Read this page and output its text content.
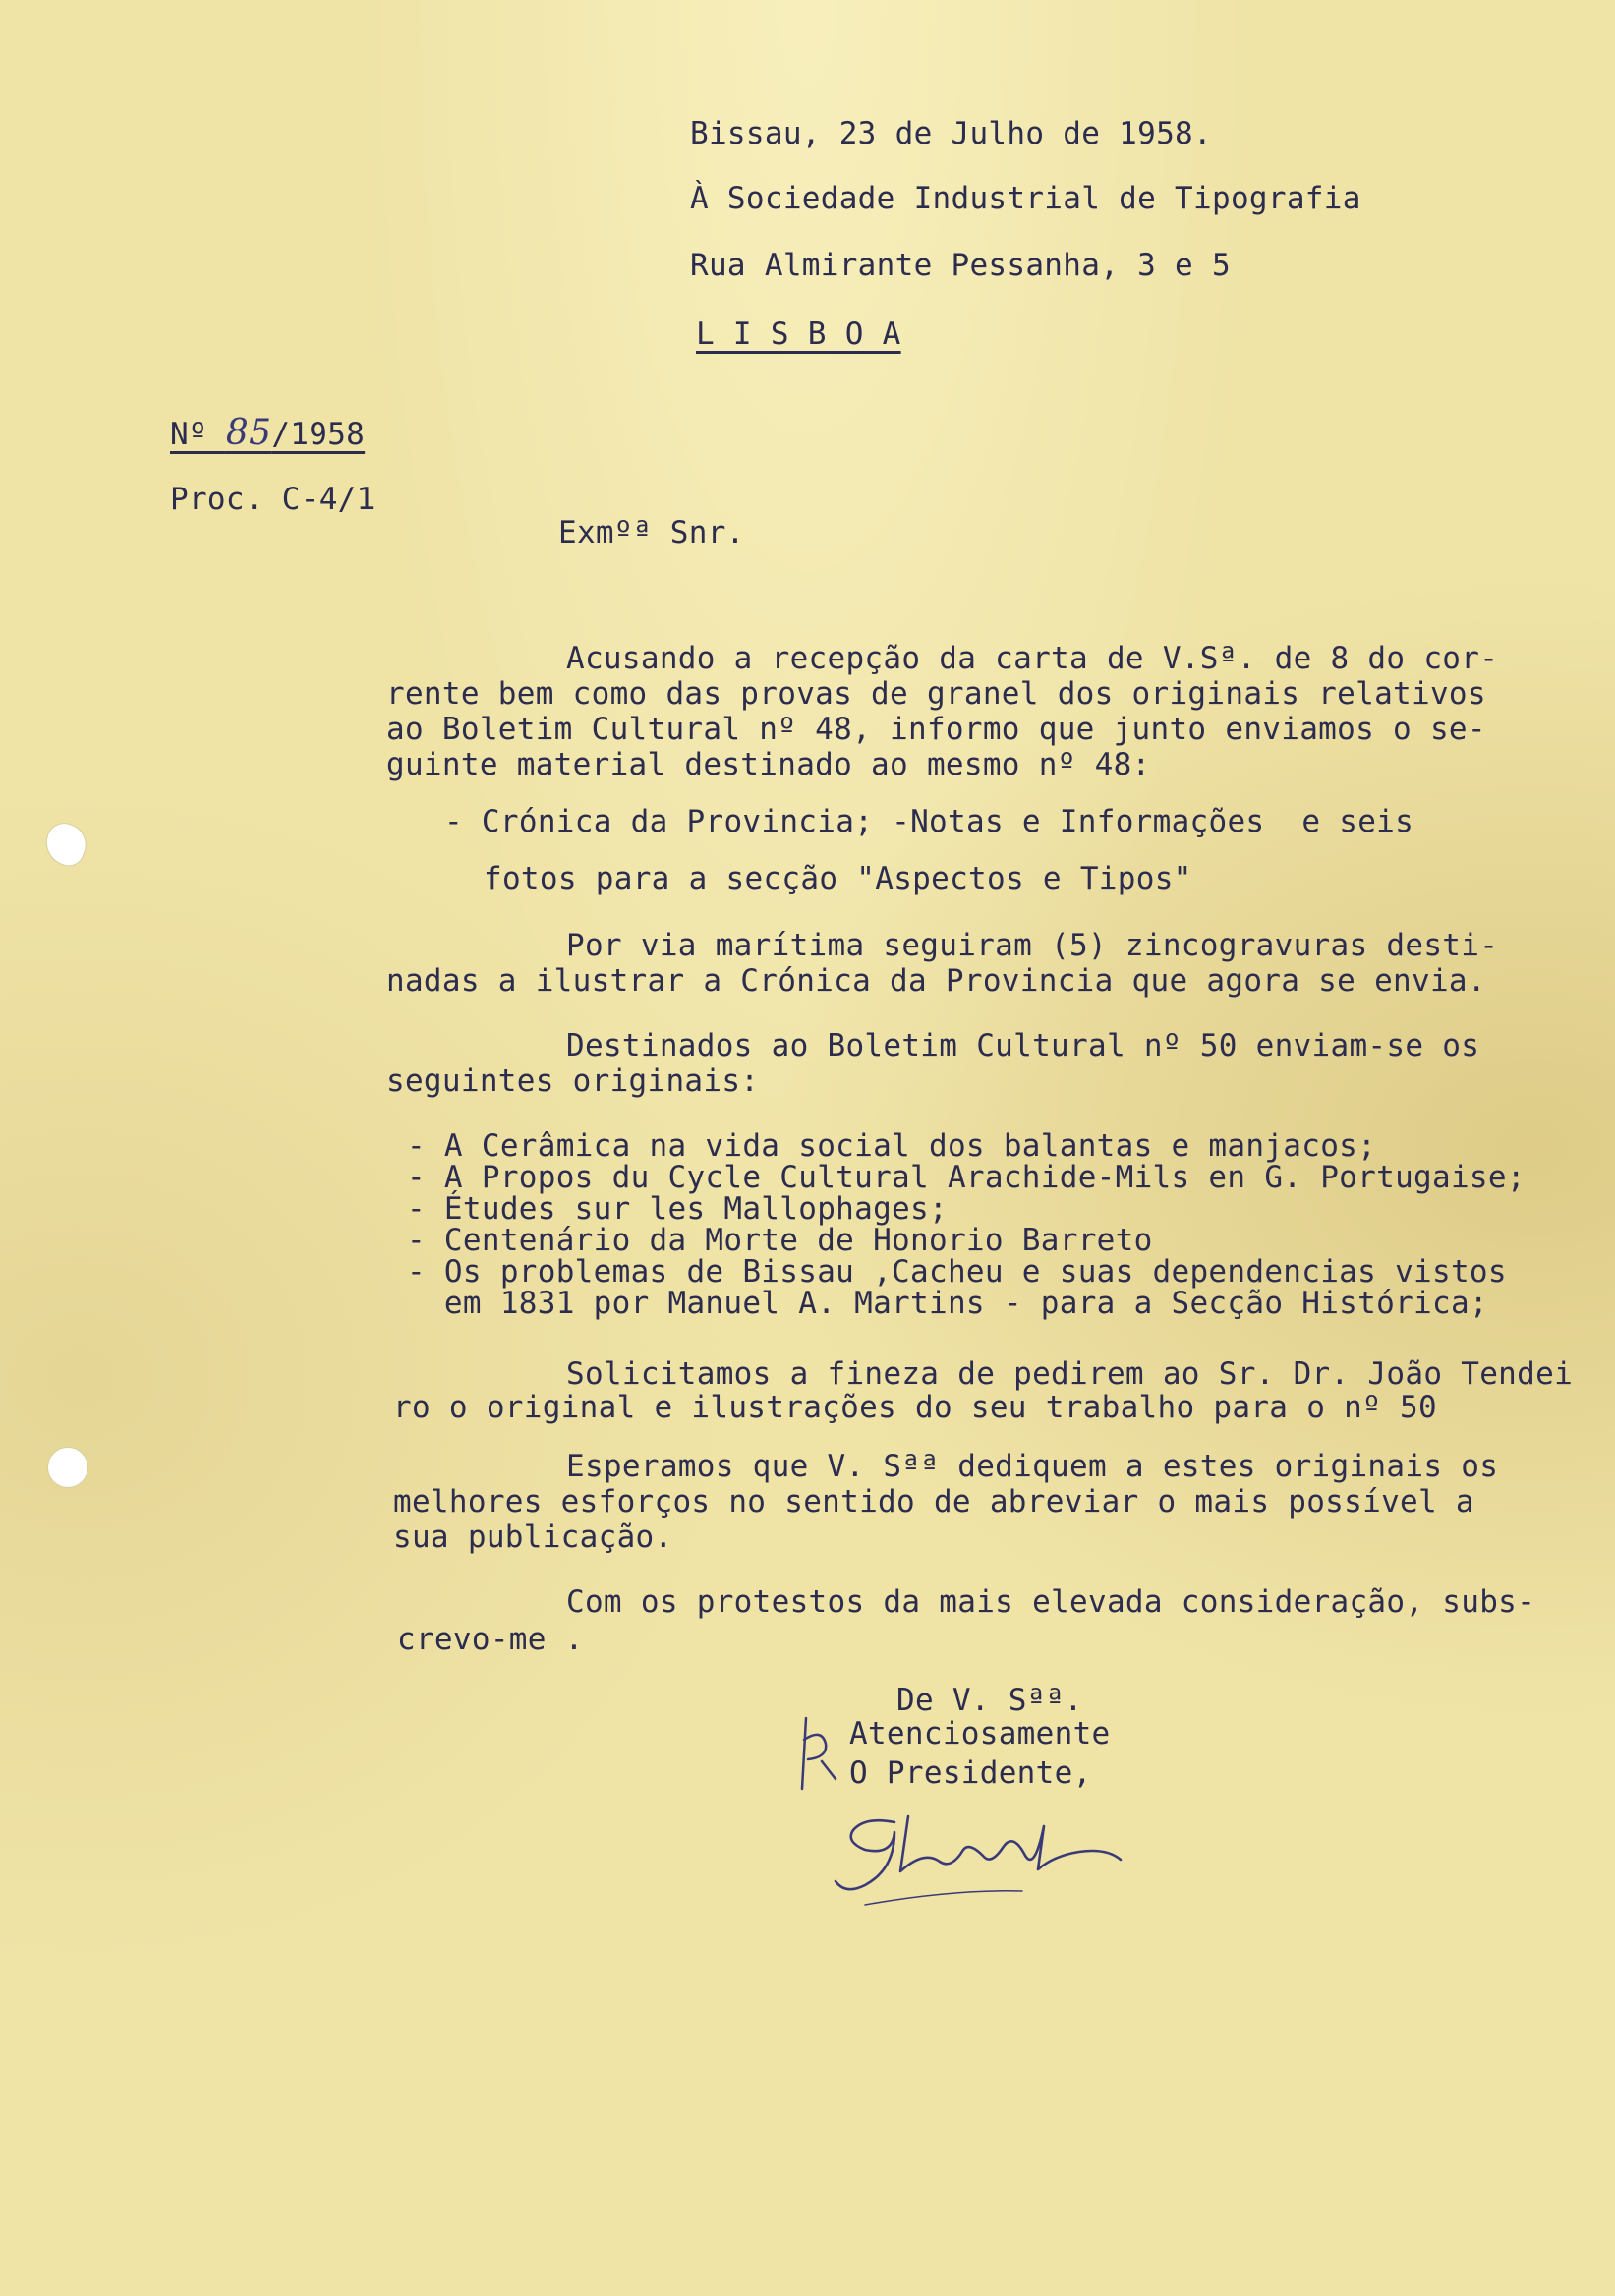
Bissau, 23 de Julho de 1958.
À Sociedade Industrial de Tipografia
Rua Almirante Pessanha, 3 e 5
L I S B O A
Nº 85/1958
Proc. C-4/1
Exmºª Snr.
Acusando a recepção da carta de V.Sª. de 8 do cor-
rente bem como das provas de granel dos originais relativos
ao Boletim Cultural nº 48, informo que junto enviamos o se-
guinte material destinado ao mesmo nº 48:
- Crónica da Provincia; -Notas e Informações  e seis
fotos para a secção "Aspectos e Tipos"
Por via marítima seguiram (5) zincogravuras desti-
nadas a ilustrar a Crónica da Provincia que agora se envia.
Destinados ao Boletim Cultural nº 50 enviam-se os
seguintes originais:
- A Cerâmica na vida social dos balantas e manjacos;
- A Propos du Cycle Cultural Arachide-Mils en G. Portugaise;
- Études sur les Mallophages;
- Centenário da Morte de Honorio Barreto
- Os problemas de Bissau ,Cacheu e suas dependencias vistos
em 1831 por Manuel A. Martins - para a Secção Histórica;
Solicitamos a fineza de pedirem ao Sr. Dr. João Tendei
ro o original e ilustrações do seu trabalho para o nº 50
Esperamos que V. Sªª dediquem a estes originais os
melhores esforços no sentido de abreviar o mais possível a
sua publicação.
Com os protestos da mais elevada consideração, subs-
crevo-me .
De V. Sªª.
Atenciosamente
O Presidente,
